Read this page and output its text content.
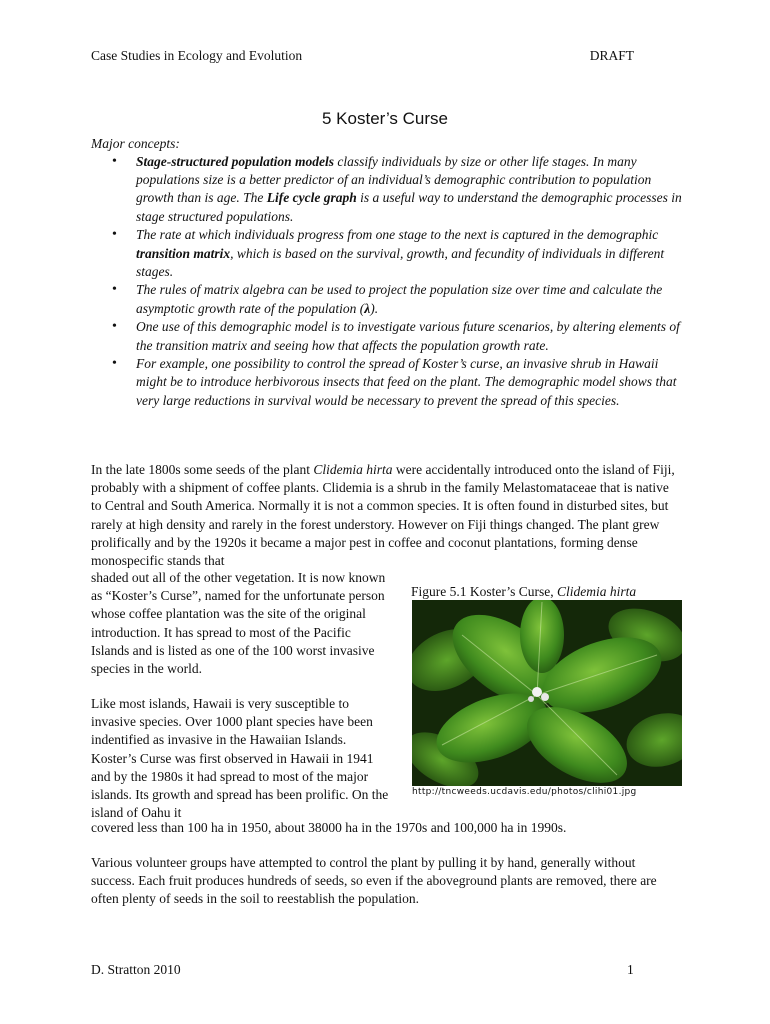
Case Studies in Ecology and Evolution	DRAFT
5 Koster’s Curse
Major concepts:
• Stage-structured population models classify individuals by size or other life stages. In many populations size is a better predictor of an individual’s demographic contribution to population growth than is age. The Life cycle graph is a useful way to understand the demographic processes in stage structured populations.
• The rate at which individuals progress from one stage to the next is captured in the demographic transition matrix, which is based on the survival, growth, and fecundity of individuals in different stages.
• The rules of matrix algebra can be used to project the population size over time and calculate the asymptotic growth rate of the population (λ).
• One use of this demographic model is to investigate various future scenarios, by altering elements of the transition matrix and seeing how that affects the population growth rate.
• For example, one possibility to control the spread of Koster’s curse, an invasive shrub in Hawaii might be to introduce herbivorous insects that feed on the plant. The demographic model shows that very large reductions in survival would be necessary to prevent the spread of this species.

In the late 1800s some seeds of the plant Clidemia hirta were accidentally introduced onto the island of Fiji, probably with a shipment of coffee plants. Clidemia is a shrub in the family Melastomataceae that is native to Central and South America. Normally it is not a common species. It is often found in disturbed sites, but rarely at high density and rarely in the forest understory. However on Fiji things changed. The plant grew prolifically and by the 1920s it became a major pest in coffee and coconut plantations, forming dense monospecific stands that

shaded out all of the other vegetation. It is now known as “Koster’s Curse”, named for the unfortunate person whose coffee plantation was the site of the original introduction. It has spread to most of the Pacific Islands and is listed as one of the 100 worst invasive species in the world.

Figure 5.1 Koster’s Curse, Clidemia hirta
http://tncweeds.ucdavis.edu/photos/clihi01.jpg

Like most islands, Hawaii is very susceptible to invasive species. Over 1000 plant species have been indentified as invasive in the Hawaiian Islands. Koster’s Curse was first observed in Hawaii in 1941 and by the 1980s it had spread to most of the major islands. Its growth and spread has been prolific. On the island of Oahu it

covered less than 100 ha in 1950, about 38000 ha in the 1970s and 100,000 ha in 1990s.

Various volunteer groups have attempted to control the plant by pulling it by hand, generally without success. Each fruit produces hundreds of seeds, so even if the aboveground plants are removed, there are often plenty of seeds in the soil to reestablish the population.

D. Stratton 2010	1
